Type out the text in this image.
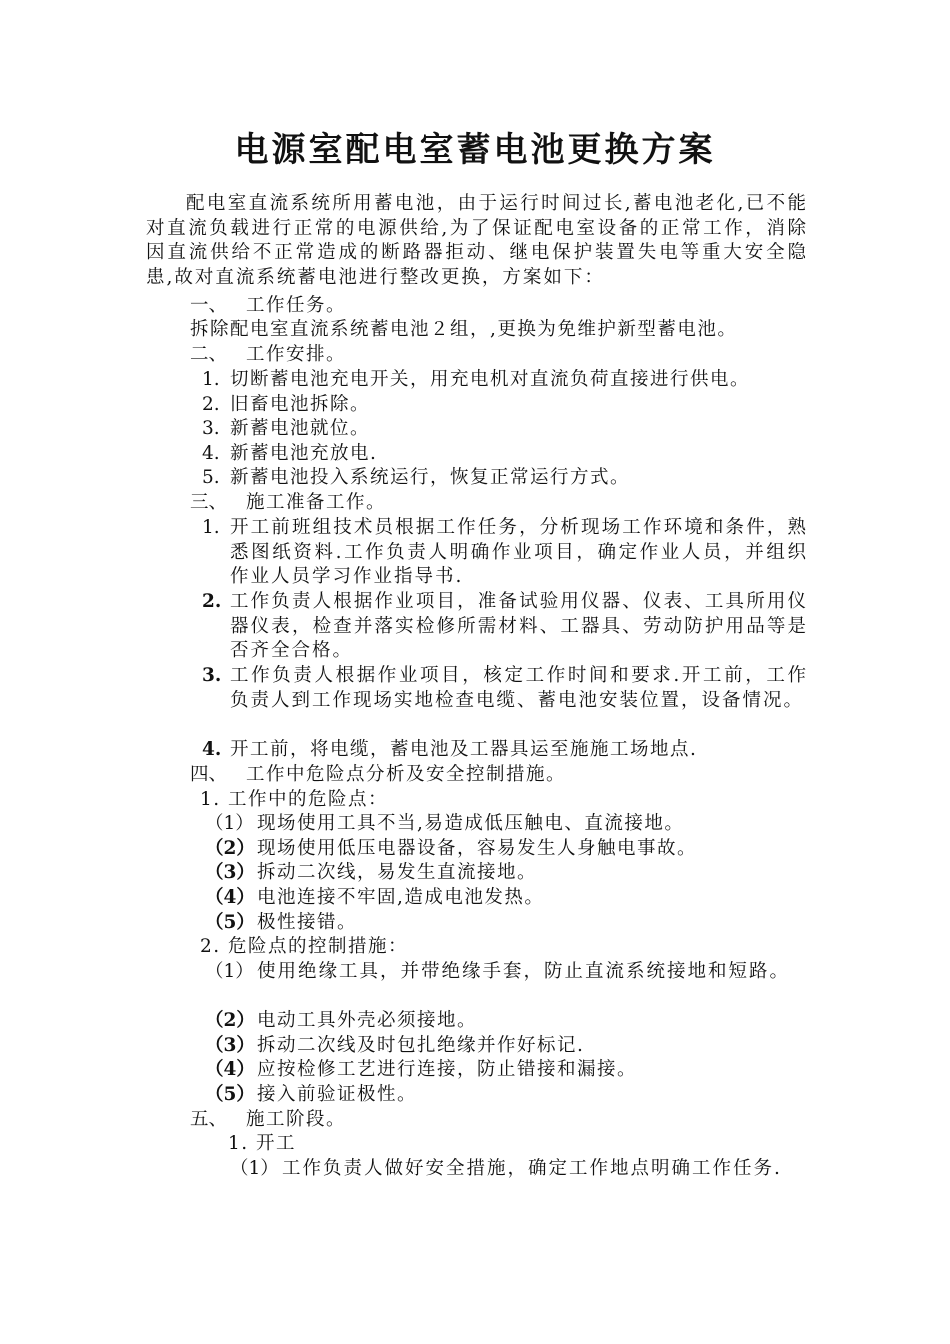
电源室配电室蓄电池更换方案

配电室直流系统所用蓄电池，由于运行时间过长,蓄电池老化,已不能对直流负载进行正常的电源供给,为了保证配电室设备的正常工作，消除因直流供给不正常造成的断路器拒动、继电保护装置失电等重大安全隐患,故对直流系统蓄电池进行整改更换，方案如下：

一、 工作任务。

拆除配电室直流系统蓄电池２组，,更换为免维护新型蓄电池。

二、 工作安排。
1. 切断蓄电池充电开关，用充电机对直流负荷直接进行供电。
2. 旧畜电池拆除。
3. 新蓄电池就位。
4. 新蓄电池充放电.
5. 新蓄电池投入系统运行，恢复正常运行方式。
三、 施工准备工作。
1. 开工前班组技术员根据工作任务，分析现场工作环境和条件，熟悉图纸资料.工作负责人明确作业项目，确定作业人员，并组织作业人员学习作业指导书.

2. 工作负责人根据作业项目，准备试验用仪器、仪表、工具所用仪器仪表，检查并落实检修所需材料、工器具、劳动防护用品等是否齐全合格。

3. 工作负责人根据作业项目，核定工作时间和要求.开工前，工作负责人到工作现场实地检查电缆、蓄电池安装位置，设备情况。

4. 开工前，将电缆，蓄电池及工器具运至施施工场地点.
四、 工作中危险点分析及安全控制措施。
1. 工作中的危险点：
（1） 现场使用工具不当,易造成低压触电、直流接地。
（2） 现场使用低压电器设备，容易发生人身触电事故。
（3） 拆动二次线，易发生直流接地。
（4） 电池连接不牢固,造成电池发热。
（5） 极性接错。
2. 危险点的控制措施：
（1） 使用绝缘工具，并带绝缘手套，防止直流系统接地和短路。

（2） 电动工具外壳必须接地。
（3） 拆动二次线及时包扎绝缘并作好标记.
（4） 应按检修工艺进行连接，防止错接和漏接。
（5） 接入前验证极性。
五、 施工阶段。
1. 开工
（1） 工作负责人做好安全措施，确定工作地点明确工作任务.
